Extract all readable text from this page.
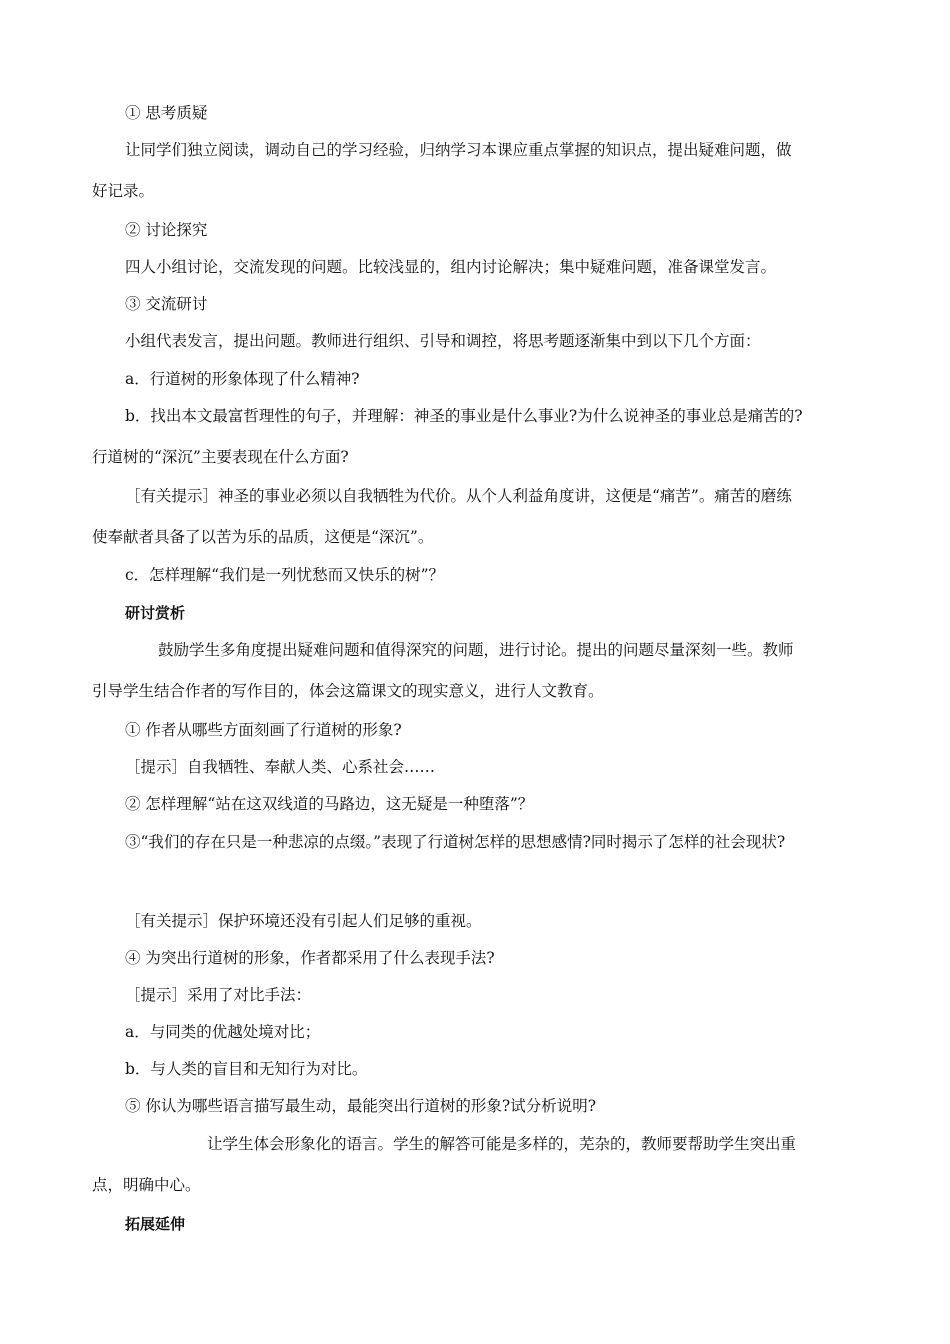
① 思考质疑
让同学们独立阅读，调动自己的学习经验，归纳学习本课应重点掌握的知识点，提出疑难问题，做
好记录。
② 讨论探究
四人小组讨论，交流发现的问题。比较浅显的，组内讨论解决；集中疑难问题，准备课堂发言。
③ 交流研讨
小组代表发言，提出问题。教师进行组织、引导和调控，将思考题逐渐集中到以下几个方面：
a．行道树的形象体现了什么精神?
b．找出本文最富哲理性的句子，并理解：神圣的事业是什么事业?为什么说神圣的事业总是痛苦的?
行道树的“深沉”主要表现在什么方面?
［有关提示］神圣的事业必须以自我牺牲为代价。从个人利益角度讲，这便是“痛苦”。痛苦的磨练
使奉献者具备了以苦为乐的品质，这便是“深沉”。
c．怎样理解“我们是一列忧愁而又快乐的树”？
研讨赏析
鼓励学生多角度提出疑难问题和值得深究的问题，进行讨论。提出的问题尽量深刻一些。教师
引导学生结合作者的写作目的，体会这篇课文的现实意义，进行人文教育。
① 作者从哪些方面刻画了行道树的形象?
［提示］自我牺牲、奉献人类、心系社会……
② 怎样理解“站在这双线道的马路边，这无疑是一种堕落”？
③“我们的存在只是一种悲凉的点缀。”表现了行道树怎样的思想感情?同时揭示了怎样的社会现状?
［有关提示］保护环境还没有引起人们足够的重视。
④ 为突出行道树的形象，作者都采用了什么表现手法?
［提示］采用了对比手法：
a．与同类的优越处境对比；
b．与人类的盲目和无知行为对比。
⑤ 你认为哪些语言描写最生动，最能突出行道树的形象?试分析说明?
让学生体会形象化的语言。学生的解答可能是多样的，芜杂的，教师要帮助学生突出重
点，明确中心。
拓展延伸
